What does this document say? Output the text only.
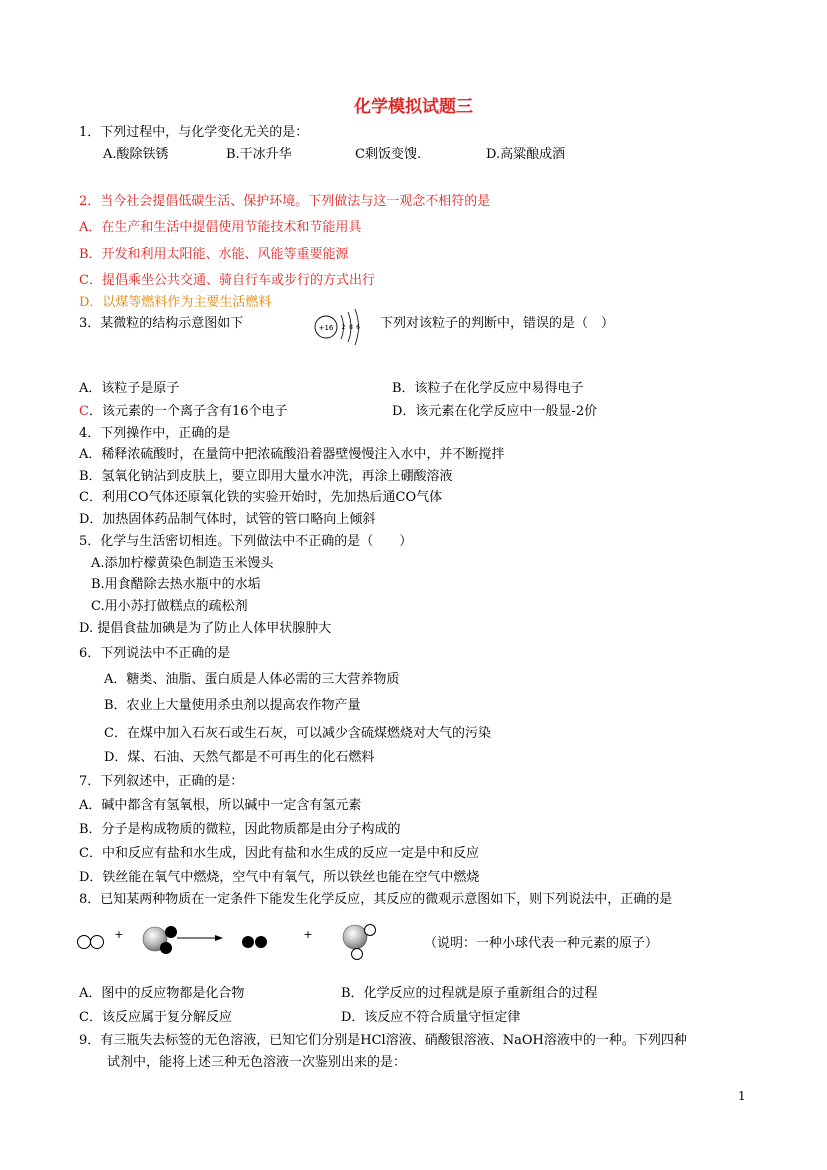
化学模拟试题三
1．下列过程中，与化学变化无关的是：
A.酸除铁锈	B.干冰升华	C剩饭变馊.	D.高粱酿成酒
2．当今社会提倡低碳生活、保护环境。下列做法与这一观念不相符的是
A．在生产和生活中提倡使用节能技术和节能用具
B．开发和利用太阳能、水能、风能等重要能源
C．提倡乘坐公共交通、骑自行车或步行的方式出行
D．以煤等燃料作为主要生活燃料
3．某微粒的结构示意图如下	+16 2 8 6 下列对该粒子的判断中，错误的是（　）
A．该粒子是原子	B．该粒子在化学反应中易得电子
C．该元素的一个离子含有16个电子	D．该元素在化学反应中一般显-2价
4．下列操作中，正确的是
A．稀释浓硫酸时，在量筒中把浓硫酸沿着器壁慢慢注入水中，并不断搅拌
B．氢氧化钠沾到皮肤上，要立即用大量水冲洗，再涂上硼酸溶液
C．利用CO气体还原氧化铁的实验开始时，先加热后通CO气体
D．加热固体药品制气体时，试管的管口略向上倾斜
5．化学与生活密切相连。下列做法中不正确的是（　　）
A.添加柠檬黄染色制造玉米馒头
B.用食醋除去热水瓶中的水垢
C.用小苏打做糕点的疏松剂
D. 提倡食盐加碘是为了防止人体甲状腺肿大
6．下列说法中不正确的是
A．糖类、油脂、蛋白质是人体必需的三大营养物质
B．农业上大量使用杀虫剂以提高农作物产量
C．在煤中加入石灰石或生石灰，可以减少含硫煤燃烧对大气的污染
D．煤、石油、天然气都是不可再生的化石燃料
7．下列叙述中，正确的是：
A．碱中都含有氢氧根，所以碱中一定含有氢元素
B．分子是构成物质的微粒，因此物质都是由分子构成的
C．中和反应有盐和水生成，因此有盐和水生成的反应一定是中和反应
D．铁丝能在氧气中燃烧，空气中有氧气，所以铁丝也能在空气中燃烧
8．已知某两种物质在一定条件下能发生化学反应，其反应的微观示意图如下，则下列说法中，正确的是
+	+
（说明：一种小球代表一种元素的原子）
A．图中的反应物都是化合物	B．化学反应的过程就是原子重新组合的过程
C．该反应属于复分解反应	D．该反应不符合质量守恒定律
9．有三瓶失去标签的无色溶液，已知它们分别是HCl溶液、硝酸银溶液、NaOH溶液中的一种。下列四种
试剂中，能将上述三种无色溶液一次鉴别出来的是：
1
